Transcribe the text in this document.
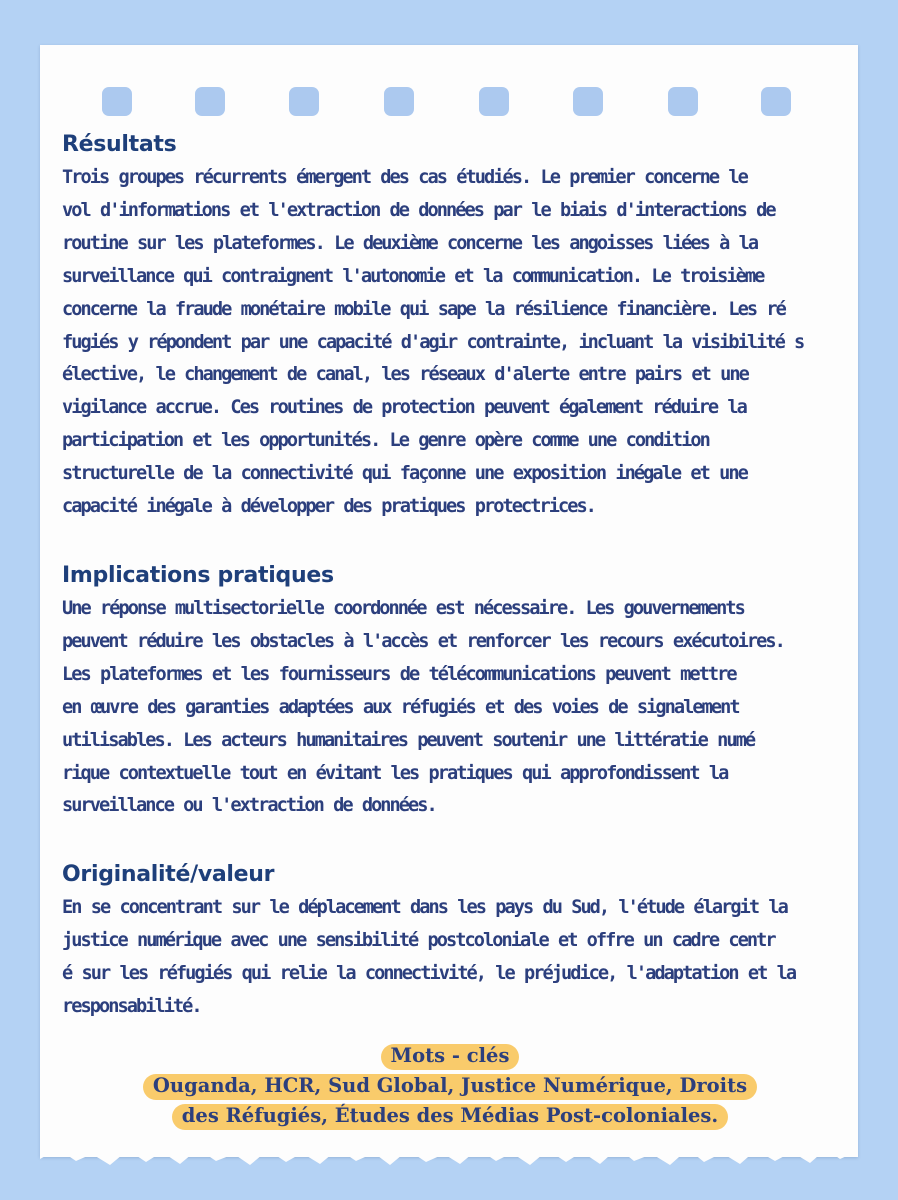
Résultats

Trois groupes récurrents émergent des cas étudiés. Le premier concerne le
vol d'informations et l'extraction de données par le biais d'interactions de
routine sur les plateformes. Le deuxième concerne les angoisses liées à la
surveillance qui contraignent l'autonomie et la communication. Le troisième
concerne la fraude monétaire mobile qui sape la résilience financière. Les ré
fugiés y répondent par une capacité d'agir contrainte, incluant la visibilité s
élective, le changement de canal, les réseaux d'alerte entre pairs et une
vigilance accrue. Ces routines de protection peuvent également réduire la
participation et les opportunités. Le genre opère comme une condition
structurelle de la connectivité qui façonne une exposition inégale et une
capacité inégale à développer des pratiques protectrices.

Implications pratiques

Une réponse multisectorielle coordonnée est nécessaire. Les gouvernements
peuvent réduire les obstacles à l'accès et renforcer les recours exécutoires.
Les plateformes et les fournisseurs de télécommunications peuvent mettre
en œuvre des garanties adaptées aux réfugiés et des voies de signalement
utilisables. Les acteurs humanitaires peuvent soutenir une littératie numé
rique contextuelle tout en évitant les pratiques qui approfondissent la
surveillance ou l'extraction de données.

Originalité/valeur

En se concentrant sur le déplacement dans les pays du Sud, l'étude élargit la
justice numérique avec une sensibilité postcoloniale et offre un cadre centr
é sur les réfugiés qui relie la connectivité, le préjudice, l'adaptation et la
responsabilité.

Mots - clés
Ouganda, HCR, Sud Global, Justice Numérique, Droits
des Réfugiés, Études des Médias Post-coloniales.
